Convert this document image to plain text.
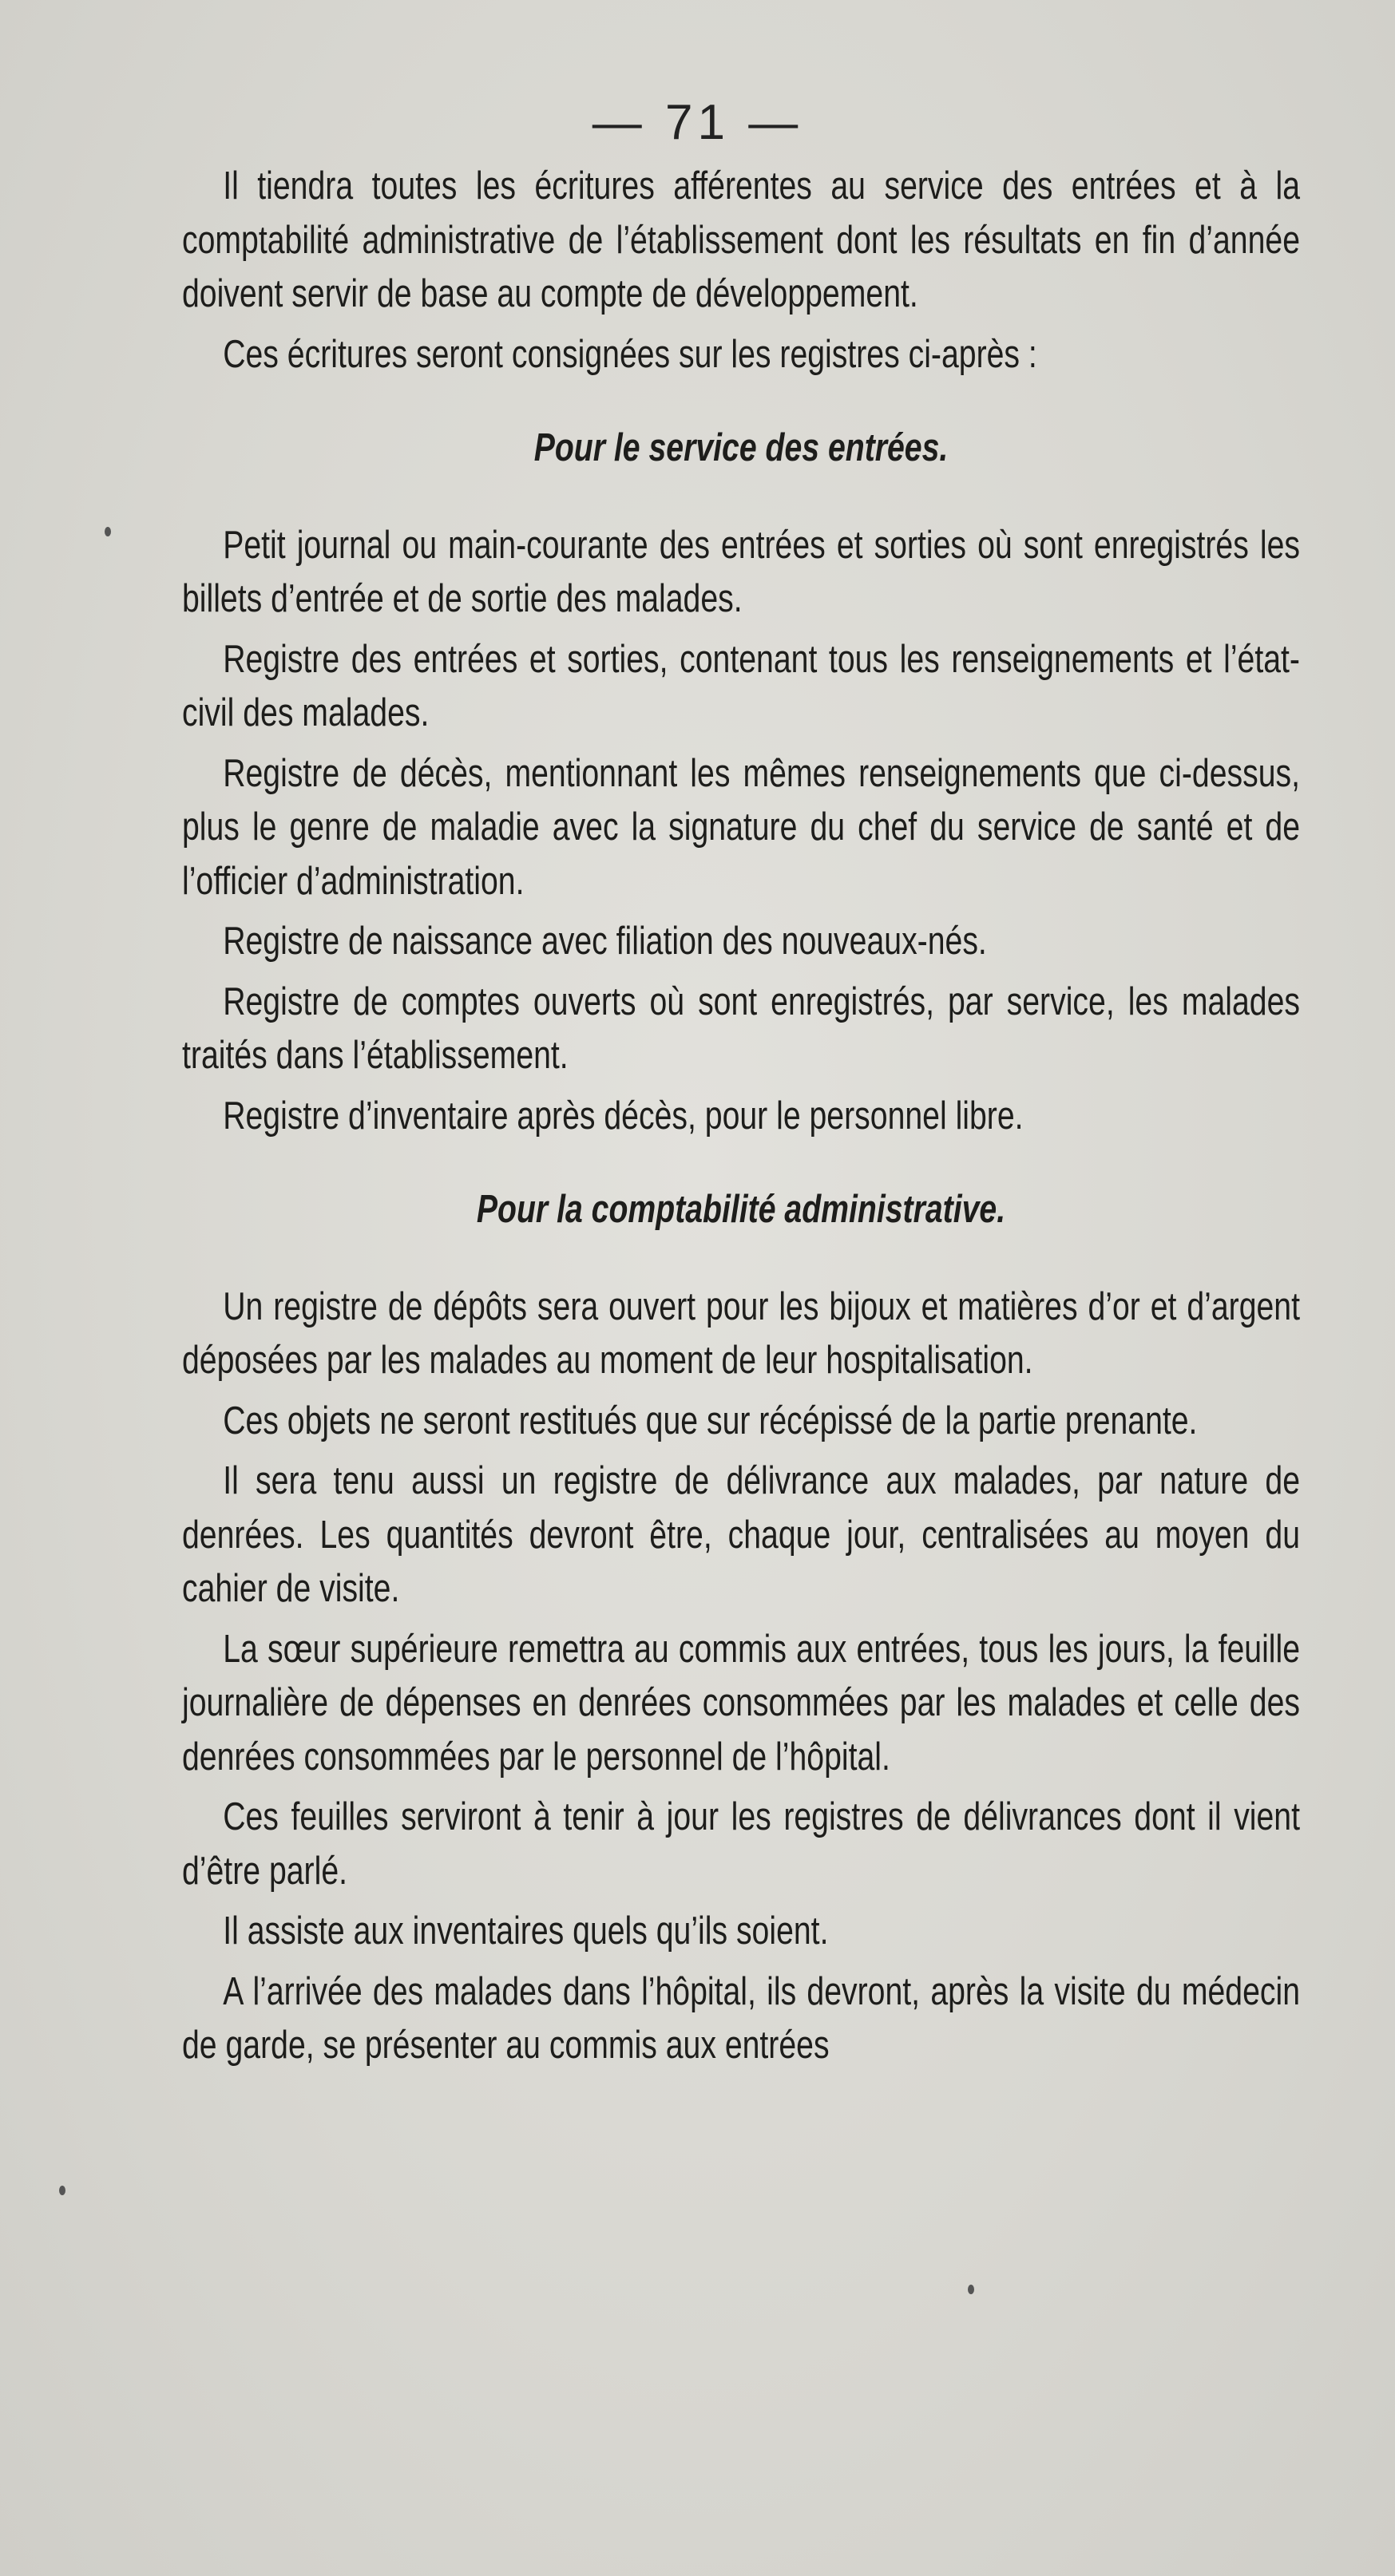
— 71 —

Il tiendra toutes les écritures afférentes au service des entrées et à la comptabilité administrative de l’établissement dont les résultats en fin d’année doivent servir de base au compte de développement.

Ces écritures seront consignées sur les registres ci-après :

Pour le service des entrées.

Petit journal ou main-courante des entrées et sorties où sont enregistrés les billets d’entrée et de sortie des malades.

Registre des entrées et sorties, contenant tous les renseignements et l’état-civil des malades.

Registre de décès, mentionnant les mêmes renseignements que ci-dessus, plus le genre de maladie avec la signature du chef du service de santé et de l’officier d’administration.

Registre de naissance avec filiation des nouveaux-nés.

Registre de comptes ouverts où sont enregistrés, par service, les malades traités dans l’établissement.

Registre d’inventaire après décès, pour le personnel libre.

Pour la comptabilité administrative.

Un registre de dépôts sera ouvert pour les bijoux et matières d’or et d’argent déposées par les malades au moment de leur hospitalisation.

Ces objets ne seront restitués que sur récépissé de la partie prenante.

Il sera tenu aussi un registre de délivrance aux malades, par nature de denrées. Les quantités devront être, chaque jour, centralisées au moyen du cahier de visite.

La sœur supérieure remettra au commis aux entrées, tous les jours, la feuille journalière de dépenses en denrées consommées par les malades et celle des denrées consommées par le personnel de l’hôpital.

Ces feuilles serviront à tenir à jour les registres de délivrances dont il vient d’être parlé.

Il assiste aux inventaires quels qu’ils soient.

A l’arrivée des malades dans l’hôpital, ils devront, après la visite du médecin de garde, se présenter au commis aux entrées
